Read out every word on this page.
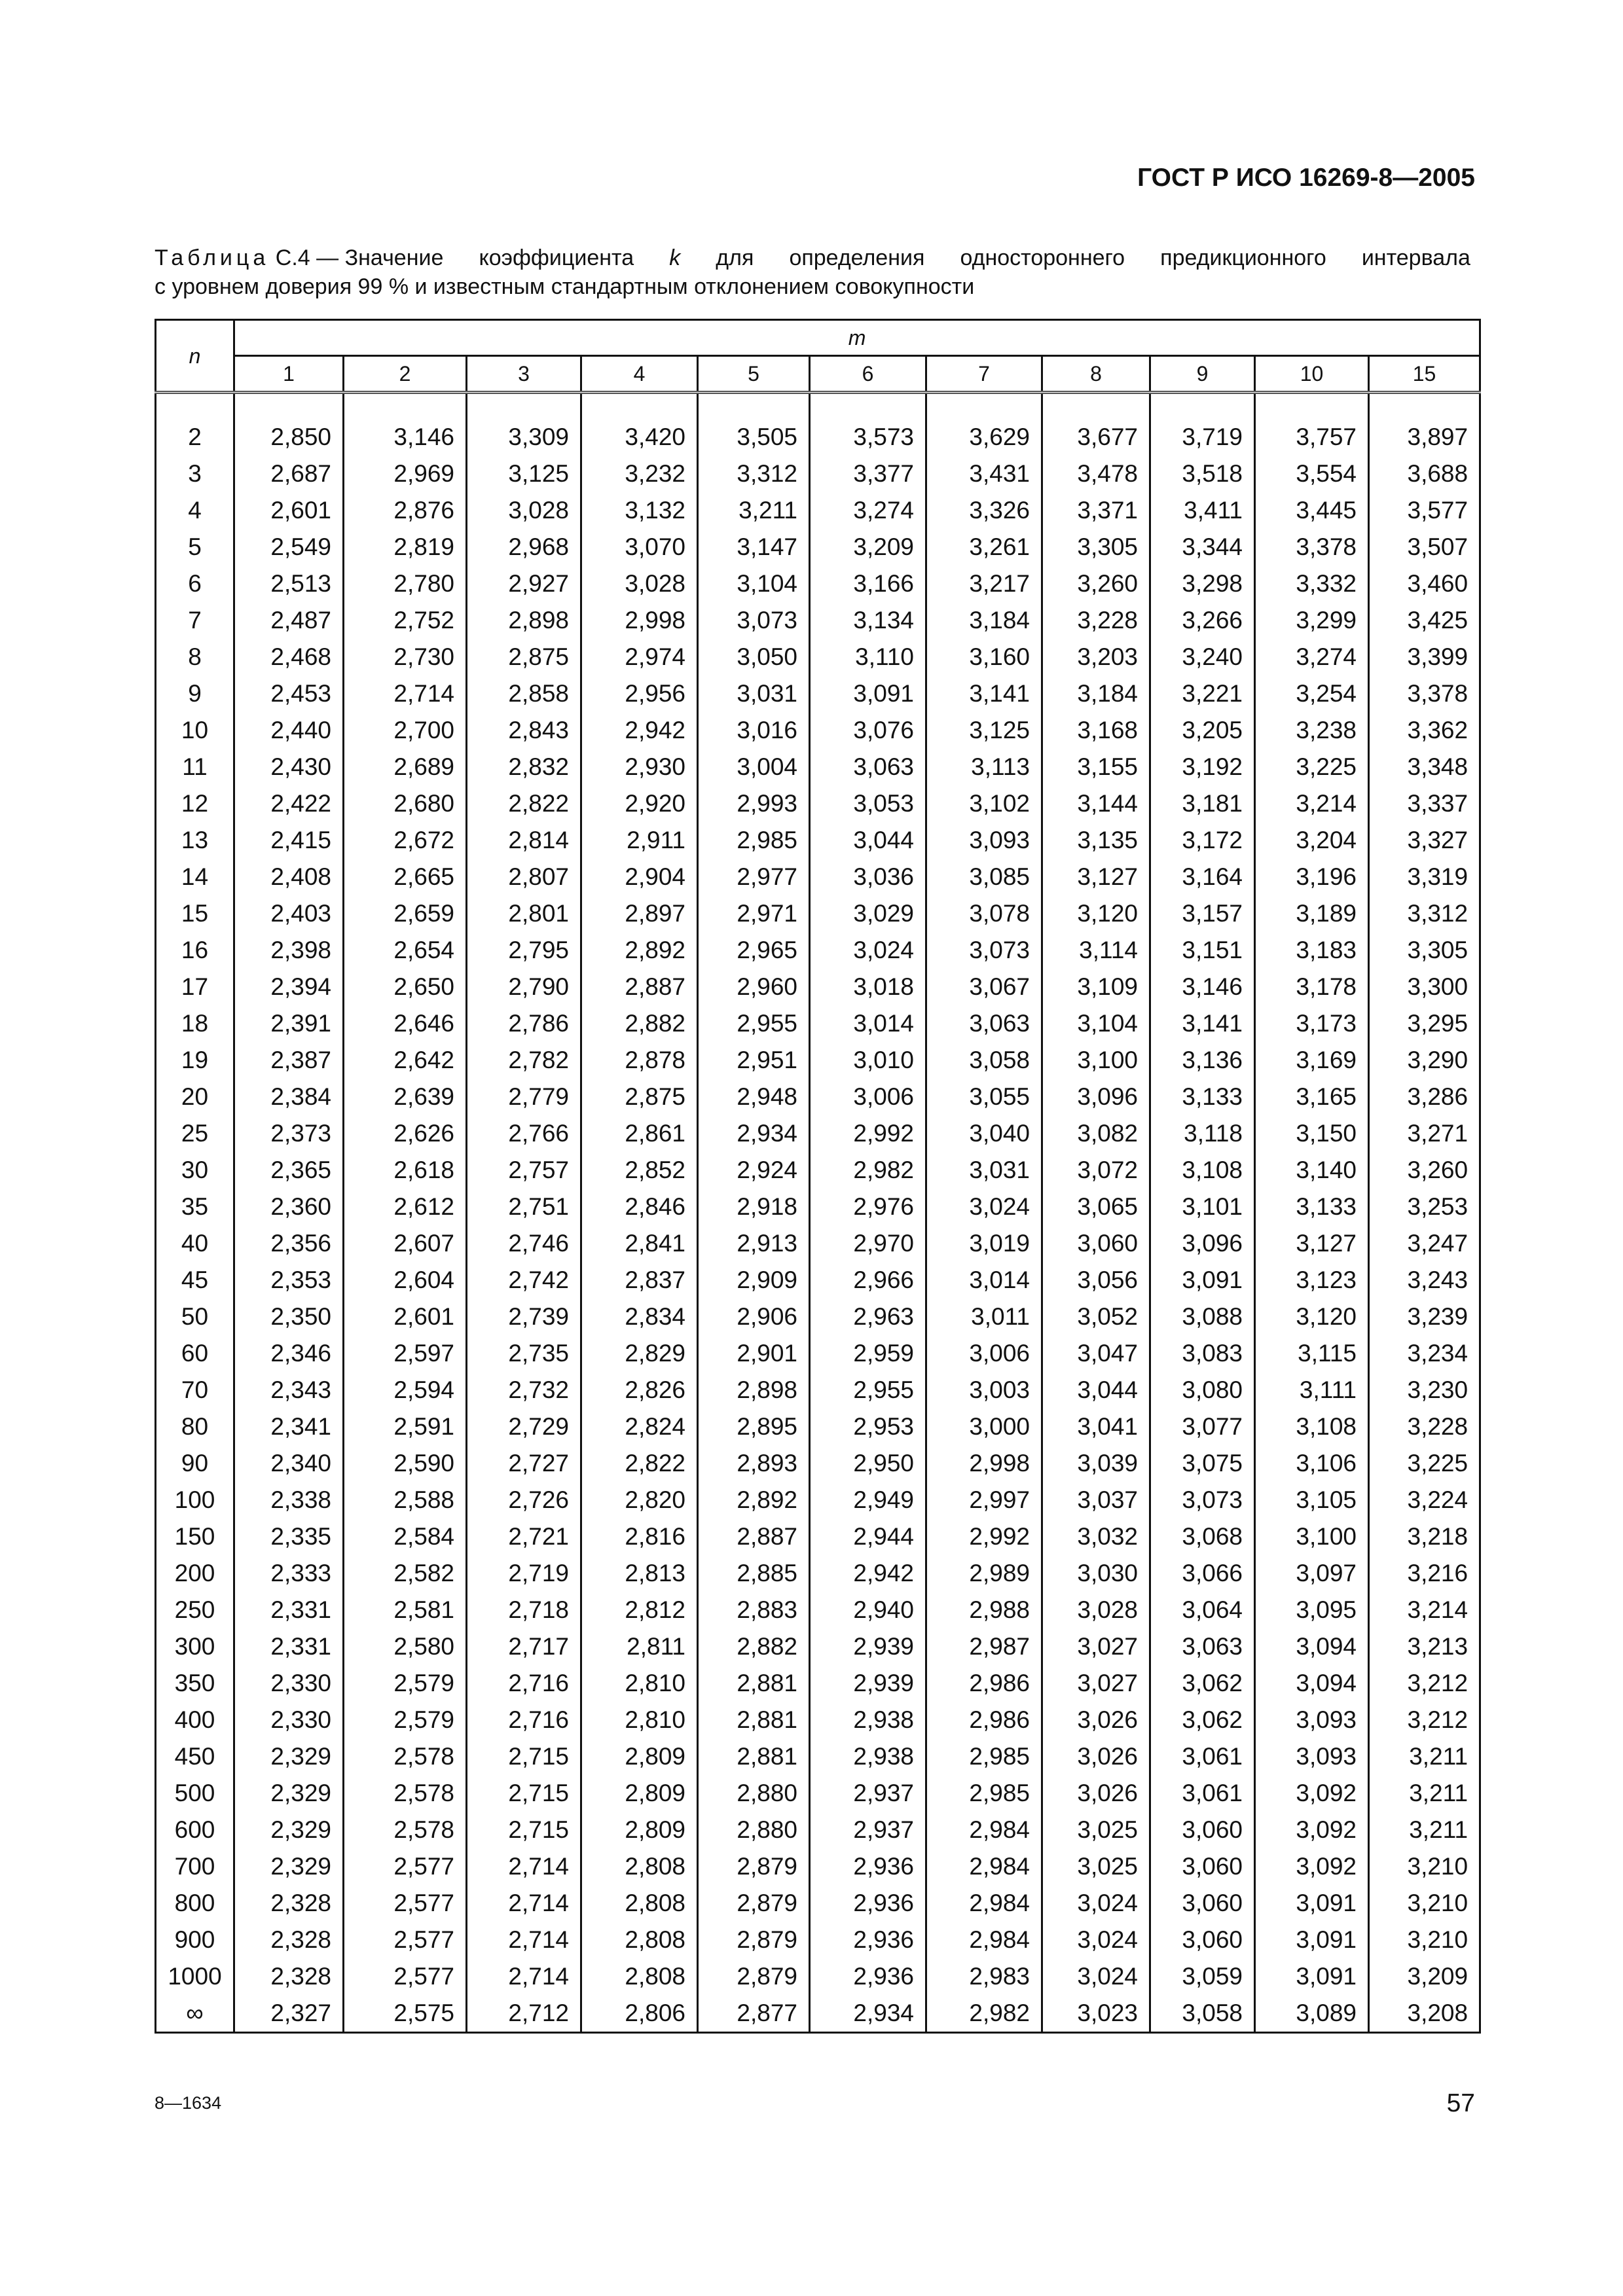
ГОСТ Р ИСО 16269-8—2005
Таблица C.4 — Значение коэффициента k для определения одностороннего предикционного интервала
с уровнем доверия 99 % и известным стандартным отклонением совокупности
n	m										
	1	2	3	4	5	6	7	8	9	10	15

2	2,850	3,146	3,309	3,420	3,505	3,573	3,629	3,677	3,719	3,757	3,897
3	2,687	2,969	3,125	3,232	3,312	3,377	3,431	3,478	3,518	3,554	3,688
4	2,601	2,876	3,028	3,132	3,211	3,274	3,326	3,371	3,411	3,445	3,577
5	2,549	2,819	2,968	3,070	3,147	3,209	3,261	3,305	3,344	3,378	3,507
6	2,513	2,780	2,927	3,028	3,104	3,166	3,217	3,260	3,298	3,332	3,460
7	2,487	2,752	2,898	2,998	3,073	3,134	3,184	3,228	3,266	3,299	3,425
8	2,468	2,730	2,875	2,974	3,050	3,110	3,160	3,203	3,240	3,274	3,399
9	2,453	2,714	2,858	2,956	3,031	3,091	3,141	3,184	3,221	3,254	3,378
10	2,440	2,700	2,843	2,942	3,016	3,076	3,125	3,168	3,205	3,238	3,362
11	2,430	2,689	2,832	2,930	3,004	3,063	3,113	3,155	3,192	3,225	3,348
12	2,422	2,680	2,822	2,920	2,993	3,053	3,102	3,144	3,181	3,214	3,337
13	2,415	2,672	2,814	2,911	2,985	3,044	3,093	3,135	3,172	3,204	3,327
14	2,408	2,665	2,807	2,904	2,977	3,036	3,085	3,127	3,164	3,196	3,319
15	2,403	2,659	2,801	2,897	2,971	3,029	3,078	3,120	3,157	3,189	3,312
16	2,398	2,654	2,795	2,892	2,965	3,024	3,073	3,114	3,151	3,183	3,305
17	2,394	2,650	2,790	2,887	2,960	3,018	3,067	3,109	3,146	3,178	3,300
18	2,391	2,646	2,786	2,882	2,955	3,014	3,063	3,104	3,141	3,173	3,295
19	2,387	2,642	2,782	2,878	2,951	3,010	3,058	3,100	3,136	3,169	3,290
20	2,384	2,639	2,779	2,875	2,948	3,006	3,055	3,096	3,133	3,165	3,286
25	2,373	2,626	2,766	2,861	2,934	2,992	3,040	3,082	3,118	3,150	3,271
30	2,365	2,618	2,757	2,852	2,924	2,982	3,031	3,072	3,108	3,140	3,260
35	2,360	2,612	2,751	2,846	2,918	2,976	3,024	3,065	3,101	3,133	3,253
40	2,356	2,607	2,746	2,841	2,913	2,970	3,019	3,060	3,096	3,127	3,247
45	2,353	2,604	2,742	2,837	2,909	2,966	3,014	3,056	3,091	3,123	3,243
50	2,350	2,601	2,739	2,834	2,906	2,963	3,011	3,052	3,088	3,120	3,239
60	2,346	2,597	2,735	2,829	2,901	2,959	3,006	3,047	3,083	3,115	3,234
70	2,343	2,594	2,732	2,826	2,898	2,955	3,003	3,044	3,080	3,111	3,230
80	2,341	2,591	2,729	2,824	2,895	2,953	3,000	3,041	3,077	3,108	3,228
90	2,340	2,590	2,727	2,822	2,893	2,950	2,998	3,039	3,075	3,106	3,225
100	2,338	2,588	2,726	2,820	2,892	2,949	2,997	3,037	3,073	3,105	3,224
150	2,335	2,584	2,721	2,816	2,887	2,944	2,992	3,032	3,068	3,100	3,218
200	2,333	2,582	2,719	2,813	2,885	2,942	2,989	3,030	3,066	3,097	3,216
250	2,331	2,581	2,718	2,812	2,883	2,940	2,988	3,028	3,064	3,095	3,214
300	2,331	2,580	2,717	2,811	2,882	2,939	2,987	3,027	3,063	3,094	3,213
350	2,330	2,579	2,716	2,810	2,881	2,939	2,986	3,027	3,062	3,094	3,212
400	2,330	2,579	2,716	2,810	2,881	2,938	2,986	3,026	3,062	3,093	3,212
450	2,329	2,578	2,715	2,809	2,881	2,938	2,985	3,026	3,061	3,093	3,211
500	2,329	2,578	2,715	2,809	2,880	2,937	2,985	3,026	3,061	3,092	3,211
600	2,329	2,578	2,715	2,809	2,880	2,937	2,984	3,025	3,060	3,092	3,211
700	2,329	2,577	2,714	2,808	2,879	2,936	2,984	3,025	3,060	3,092	3,210
800	2,328	2,577	2,714	2,808	2,879	2,936	2,984	3,024	3,060	3,091	3,210
900	2,328	2,577	2,714	2,808	2,879	2,936	2,984	3,024	3,060	3,091	3,210
1000	2,328	2,577	2,714	2,808	2,879	2,936	2,983	3,024	3,059	3,091	3,209
∞	2,327	2,575	2,712	2,806	2,877	2,934	2,982	3,023	3,058	3,089	3,208
8—1634	57
